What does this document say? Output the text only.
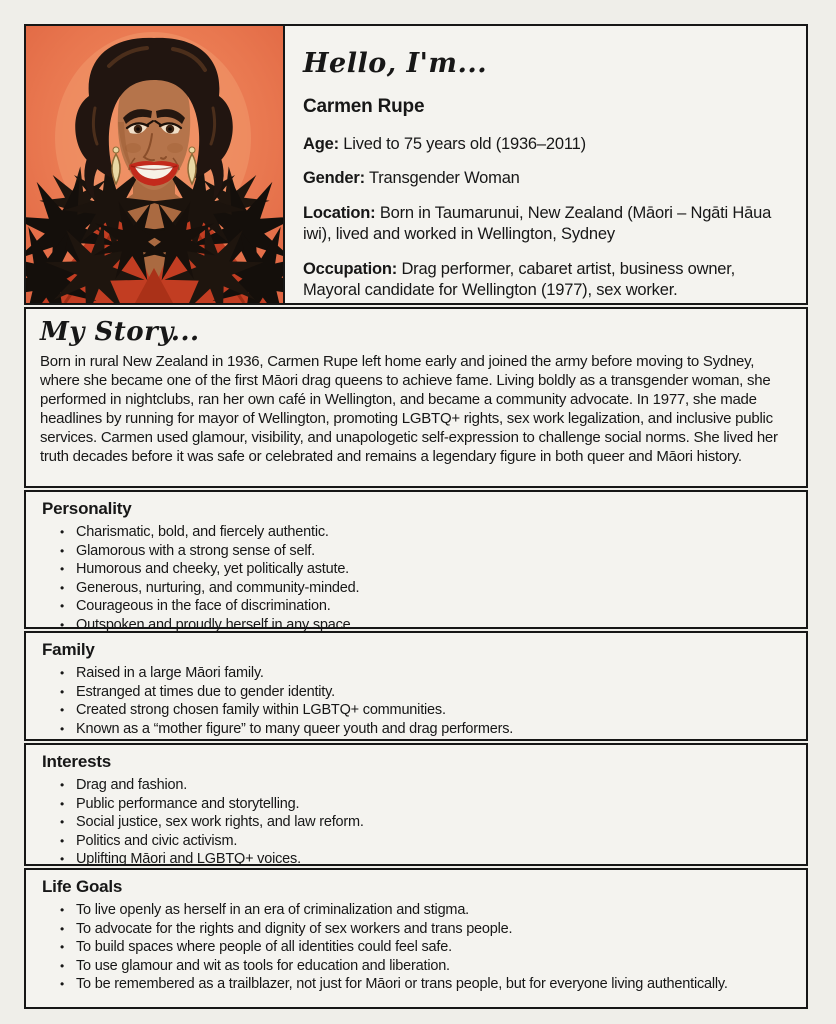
Hello, I'm...
Carmen Rupe

Age: Lived to 75 years old (1936–2011)

Gender: Transgender Woman

Location: Born in Taumarunui, New Zealand (Māori – Ngāti Hāua iwi), lived and worked in Wellington, Sydney

Occupation: Drag performer, cabaret artist, business owner, Mayoral candidate for Wellington (1977), sex worker.

My Story...

Born in rural New Zealand in 1936, Carmen Rupe left home early and joined the army before moving to Sydney, where she became one of the first Māori drag queens to achieve fame. Living boldly as a transgender woman, she performed in nightclubs, ran her own café in Wellington, and became a community advocate. In 1977, she made headlines by running for mayor of Wellington, promoting LGBTQ+ rights, sex work legalization, and inclusive public services. Carmen used glamour, visibility, and unapologetic self-expression to challenge social norms. She lived her truth decades before it was safe or celebrated and remains a legendary figure in both queer and Māori history.

Personality
• Charismatic, bold, and fiercely authentic.
• Glamorous with a strong sense of self.
• Humorous and cheeky, yet politically astute.
• Generous, nurturing, and community-minded.
• Courageous in the face of discrimination.
• Outspoken and proudly herself in any space.
Family
• Raised in a large Māori family.
• Estranged at times due to gender identity.
• Created strong chosen family within LGBTQ+ communities.
• Known as a “mother figure” to many queer youth and drag performers.
Interests
• Drag and fashion.
• Public performance and storytelling.
• Social justice, sex work rights, and law reform.
• Politics and civic activism.
• Uplifting Māori and LGBTQ+ voices.
Life Goals
• To live openly as herself in an era of criminalization and stigma.
• To advocate for the rights and dignity of sex workers and trans people.
• To build spaces where people of all identities could feel safe.
• To use glamour and wit as tools for education and liberation.
• To be remembered as a trailblazer, not just for Māori or trans people, but for everyone living authentically.
